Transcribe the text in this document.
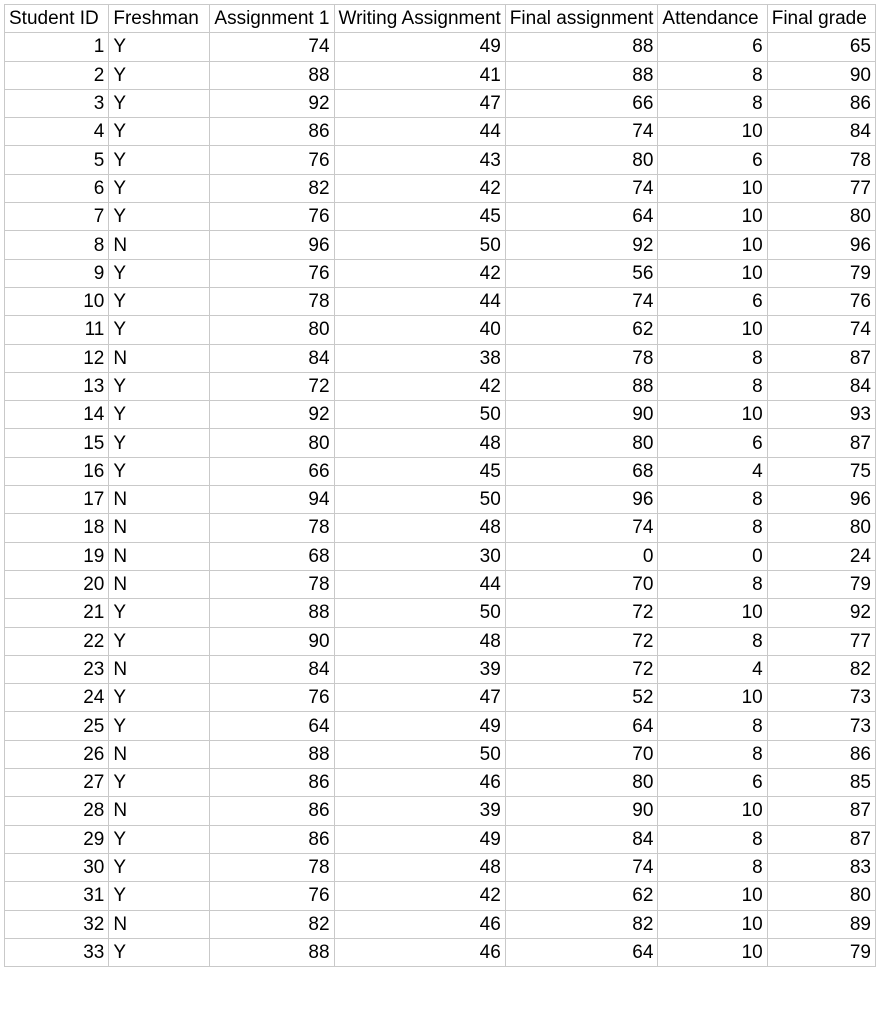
Student ID	Freshman	Assignment 1	Writing Assignment	Final assignment	Attendance	Final grade
1	Y	74	49	88	6	65
2	Y	88	41	88	8	90
3	Y	92	47	66	8	86
4	Y	86	44	74	10	84
5	Y	76	43	80	6	78
6	Y	82	42	74	10	77
7	Y	76	45	64	10	80
8	N	96	50	92	10	96
9	Y	76	42	56	10	79
10	Y	78	44	74	6	76
11	Y	80	40	62	10	74
12	N	84	38	78	8	87
13	Y	72	42	88	8	84
14	Y	92	50	90	10	93
15	Y	80	48	80	6	87
16	Y	66	45	68	4	75
17	N	94	50	96	8	96
18	N	78	48	74	8	80
19	N	68	30	0	0	24
20	N	78	44	70	8	79
21	Y	88	50	72	10	92
22	Y	90	48	72	8	77
23	N	84	39	72	4	82
24	Y	76	47	52	10	73
25	Y	64	49	64	8	73
26	N	88	50	70	8	86
27	Y	86	46	80	6	85
28	N	86	39	90	10	87
29	Y	86	49	84	8	87
30	Y	78	48	74	8	83
31	Y	76	42	62	10	80
32	N	82	46	82	10	89
33	Y	88	46	64	10	79
